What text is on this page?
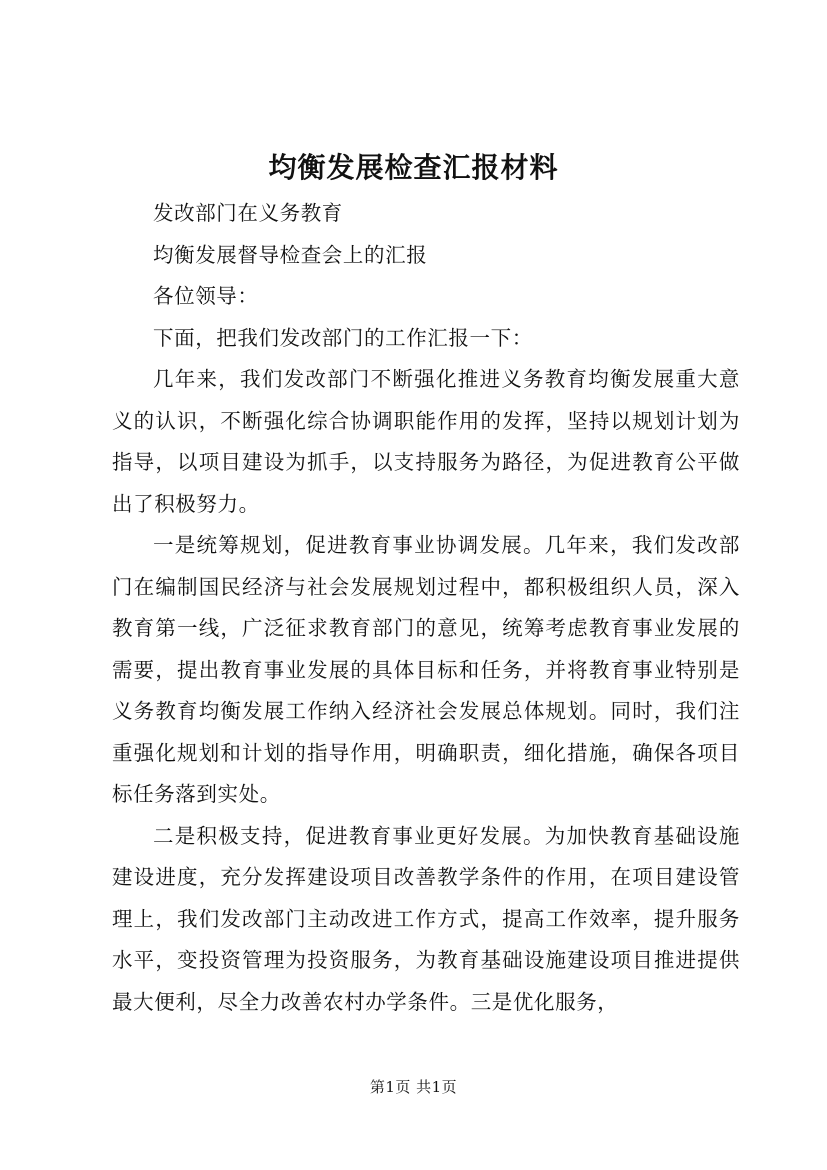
均衡发展检查汇报材料

发改部门在义务教育

均衡发展督导检查会上的汇报

各位领导：

下面，把我们发改部门的工作汇报一下：

几年来，我们发改部门不断强化推进义务教育均衡发展重大意义的认识，不断强化综合协调职能作用的发挥，坚持以规划计划为指导，以项目建设为抓手，以支持服务为路径，为促进教育公平做出了积极努力。

一是统筹规划，促进教育事业协调发展。几年来，我们发改部门在编制国民经济与社会发展规划过程中，都积极组织人员，深入教育第一线，广泛征求教育部门的意见，统筹考虑教育事业发展的需要，提出教育事业发展的具体目标和任务，并将教育事业特别是义务教育均衡发展工作纳入经济社会发展总体规划。同时，我们注重强化规划和计划的指导作用，明确职责，细化措施，确保各项目标任务落到实处。

二是积极支持，促进教育事业更好发展。为加快教育基础设施建设进度，充分发挥建设项目改善教学条件的作用，在项目建设管理上，我们发改部门主动改进工作方式，提高工作效率，提升服务水平，变投资管理为投资服务，为教育基础设施建设项目推进提供最大便利，尽全力改善农村办学条件。三是优化服务，

第1页 共1页
